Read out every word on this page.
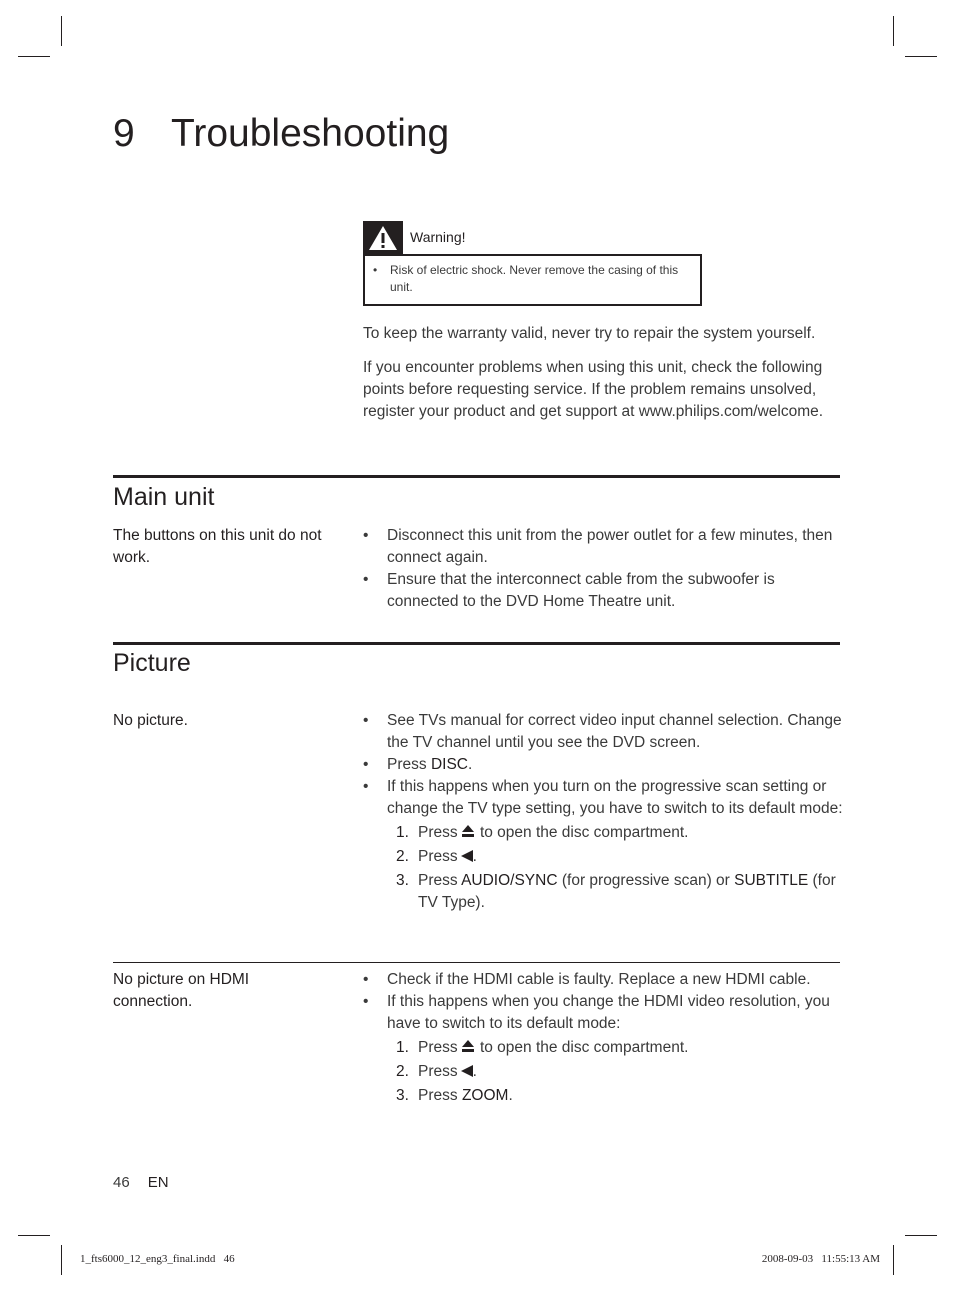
9 Troubleshooting
Warning!
•	Risk of electric shock. Never remove the casing of this unit.
To keep the warranty valid, never try to repair the system yourself.
If you encounter problems when using this unit, check the following points before requesting service. If the problem remains unsolved, register your product and get support at www.philips.com/welcome.
Main unit
The buttons on this unit do not work.
• Disconnect this unit from the power outlet for a few minutes, then connect again.
• Ensure that the interconnect cable from the subwoofer is connected to the DVD Home Theatre unit.
Picture
No picture.	• See TVs manual for correct video input channel selection. Change the TV channel until you see the DVD screen.
• Press DISC.
• If this happens when you turn on the progressive scan setting or change the TV type setting, you have to switch to its default mode:
1. Press to open the disc compartment.
2. Press .
3. Press AUDIO/SYNC (for progressive scan) or SUBTITLE (for TV Type).
No picture on HDMI connection.
• Check if the HDMI cable is faulty. Replace a new HDMI cable.
• If this happens when you change the HDMI video resolution, you have to switch to its default mode:
1. Press to open the disc compartment.
2. Press .
3. Press ZOOM.
46 EN
1_fts6000_12_eng3_final.indd   46	2008-09-03   11:55:13 AM
